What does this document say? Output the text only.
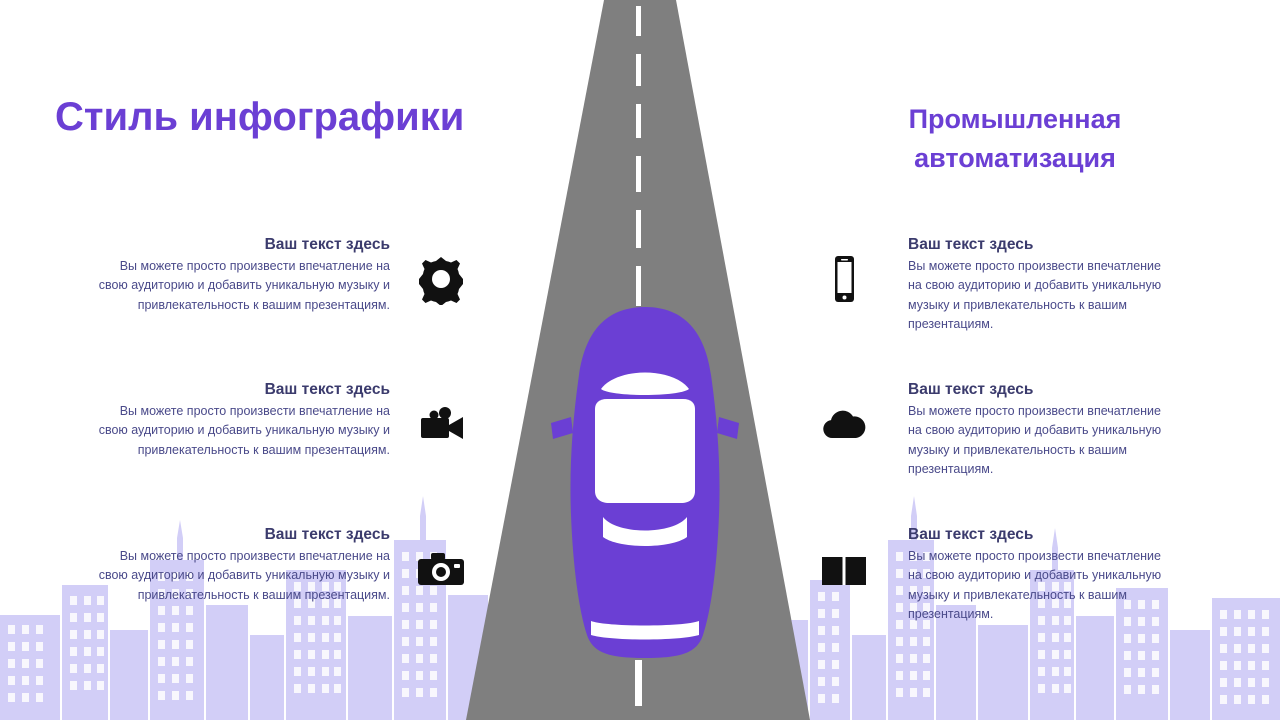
Стиль инфографики	Промышленная автоматизация
Ваш текст здесь
Вы можете просто произвести впечатление на свою аудиторию и добавить уникальную музыку и привлекательность к вашим презентациям.
Ваш текст здесь
Вы можете просто произвести впечатление на свою аудиторию и добавить уникальную музыку и привлекательность к вашим презентациям.
Ваш текст здесь
Вы можете просто произвести впечатление на свою аудиторию и добавить уникальную музыку и привлекательность к вашим презентациям.
Ваш текст здесь
Вы можете просто произвести впечатление на свою аудиторию и добавить уникальную музыку и привлекательность к вашим презентациям.
Ваш текст здесь
Вы можете просто произвести впечатление на свою аудиторию и добавить уникальную музыку и привлекательность к вашим презентациям.
Ваш текст здесь
Вы можете просто произвести впечатление на свою аудиторию и добавить уникальную музыку и привлекательность к вашим презентациям.
